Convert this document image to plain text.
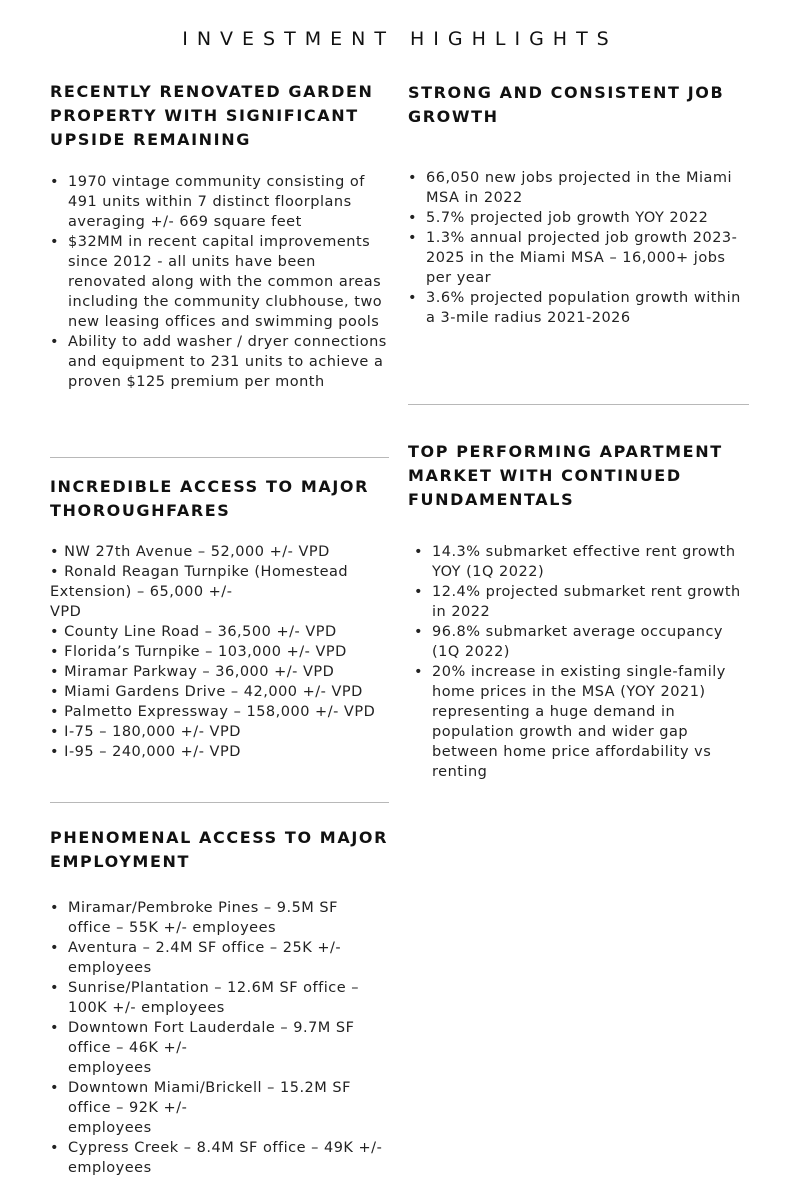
INVESTMENT HIGHLIGHTS
RECENTLY RENOVATED GARDEN
PROPERTY WITH SIGNIFICANT
UPSIDE REMAINING
• 1970 vintage community consisting of 491 units within 7 distinct floorplans averaging +/- 669 square feet
• $32MM in recent capital improvements since 2012 - all units have been renovated along with the common areas including the community clubhouse, two new leasing offices and swimming pools
• Ability to add washer / dryer connections and equipment to 231 units to achieve a proven $125 premium per month
INCREDIBLE ACCESS TO MAJOR
THOROUGHFARES
• NW 27th Avenue – 52,000 +/- VPD
• Ronald Reagan Turnpike (Homestead
Extension) – 65,000 +/-
VPD
• County Line Road – 36,500 +/- VPD
• Florida’s Turnpike – 103,000 +/- VPD
• Miramar Parkway – 36,000 +/- VPD
• Miami Gardens Drive – 42,000 +/- VPD
• Palmetto Expressway – 158,000 +/- VPD
• I-75 – 180,000 +/- VPD
• I-95 – 240,000 +/- VPD
PHENOMENAL ACCESS TO MAJOR
EMPLOYMENT
• Miramar/Pembroke Pines – 9.5M SF office – 55K +/- employees
• Aventura – 2.4M SF office – 25K +/- employees
• Sunrise/Plantation – 12.6M SF office – 100K +/- employees
• Downtown Fort Lauderdale – 9.7M SF office – 46K +/-
employees
• Downtown Miami/Brickell – 15.2M SF office – 92K +/-
employees
• Cypress Creek – 8.4M SF office – 49K +/- employees
STRONG AND CONSISTENT JOB
GROWTH
• 66,050 new jobs projected in the Miami MSA in 2022
• 5.7% projected job growth YOY 2022
• 1.3% annual projected job growth 2023-2025 in the Miami MSA – 16,000+ jobs per year
• 3.6% projected population growth within a 3-mile radius 2021-2026
TOP PERFORMING APARTMENT
MARKET WITH CONTINUED
FUNDAMENTALS
• 14.3% submarket effective rent growth YOY (1Q 2022)
• 12.4% projected submarket rent growth in 2022
• 96.8% submarket average occupancy (1Q 2022)
• 20% increase in existing single-family home prices in the MSA (YOY 2021) representing a huge demand in population growth and wider gap between home price affordability vs renting
